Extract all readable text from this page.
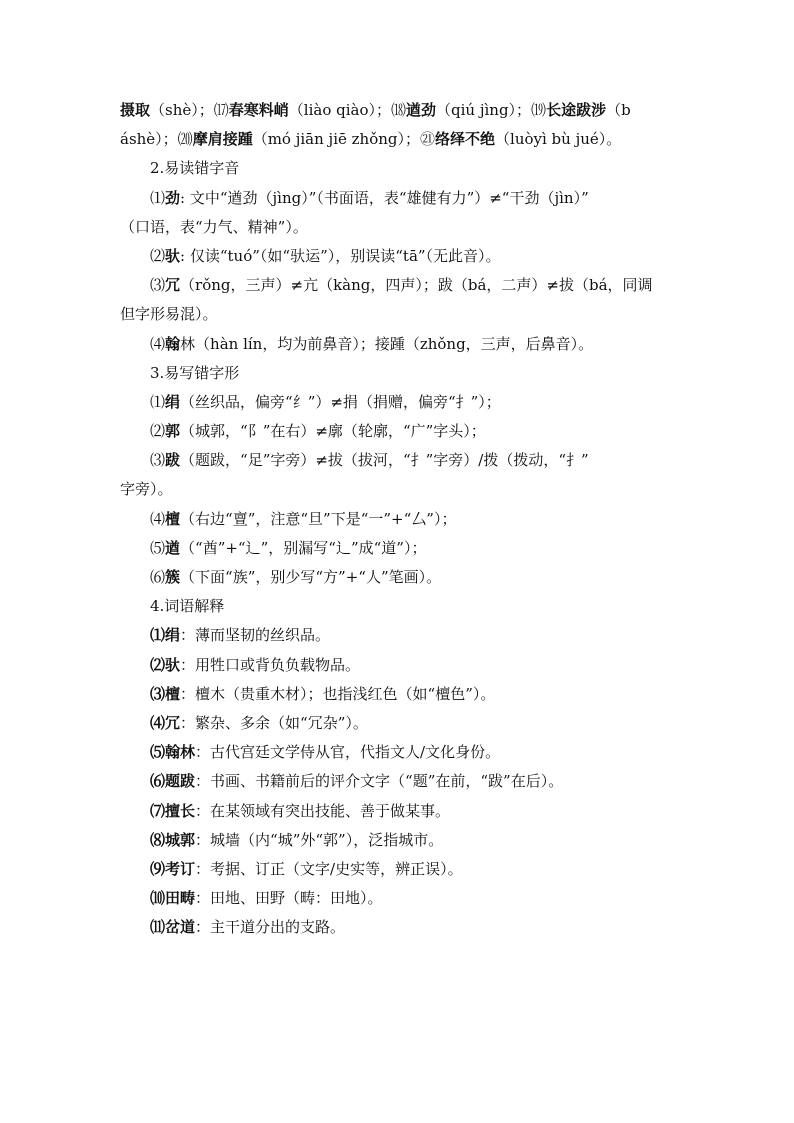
摄取（shè）；⒄春寒料峭（liào qiào）；⒅遒劲（qiú jìng）；⒆长途跋涉（b
áshè）；⒇摩肩接踵（mó jiān jiē zhǒng）；㉑络绎不绝（luòyì bù jué）。
2.易读错字音
⑴劲: 文中“遒劲（jìng）”（书面语，表“雄健有力”）≠“干劲（jìn）”
（口语，表“力气、精神”）。
⑵驮: 仅读“tuó”（如“驮运”），别误读“tā”（无此音）。
⑶冗（rǒng，三声）≠亢（kàng，四声）；跋（bá，二声）≠拔（bá，同调
但字形易混）。
⑷翰林（hàn lín，均为前鼻音）；接踵（zhǒng，三声，后鼻音）。
3.易写错字形
⑴绢（丝织品，偏旁“纟”）≠捐（捐赠，偏旁“扌”）；
⑵郭（城郭，“阝”在右）≠廓（轮廓，“广”字头）；
⑶跋（题跋，“足”字旁）≠拔（拔河，“扌”字旁）/拨（拨动，“扌”
字旁）。
⑷檀（右边“亶”，注意“旦”下是“一”+“厶”）；
⑸遒（“酋”+“辶”，别漏写“辶”成“道”）；
⑹簇（下面“族”，别少写“方”+“人”笔画）。
4.词语解释
⑴绢：薄而坚韧的丝织品。
⑵驮：用牲口或背负负载物品。
⑶檀：檀木（贵重木材）；也指浅红色（如“檀色”）。
⑷冗：繁杂、多余（如“冗杂”）。
⑸翰林：古代宫廷文学侍从官，代指文人/文化身份。
⑹题跋：书画、书籍前后的评介文字（“题”在前，“跋”在后）。
⑺擅长：在某领域有突出技能、善于做某事。
⑻城郭：城墙（内“城”外“郭”），泛指城市。
⑼考订：考据、订正（文字/史实等，辨正误）。
⑽田畴：田地、田野（畴：田地）。
⑾岔道：主干道分出的支路。
